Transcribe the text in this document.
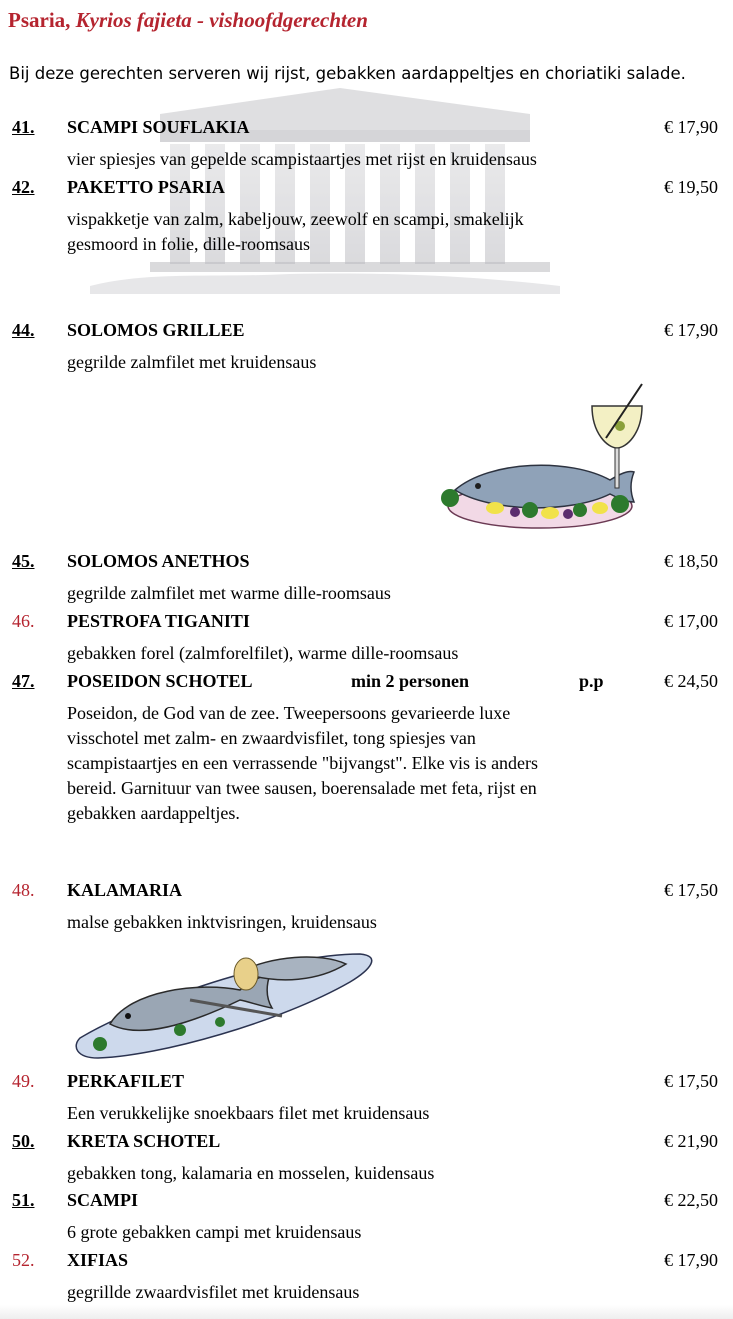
Psaria, Kyrios fajieta - vishoofdgerechten
Bij deze gerechten serveren wij rijst, gebakken aardappeltjes en choriatiki salade.
41. SCAMPI SOUFLAKIA	€ 17,90
vier spiesjes van gepelde scampistaartjes met rijst en kruidensaus
42. PAKETTO PSARIA	€ 19,50
vispakketje van zalm, kabeljouw, zeewolf en scampi, smakelijk
gesmoord in folie, dille-roomsaus
44. SOLOMOS GRILLEE	€ 17,90
gegrilde zalmfilet met kruidensaus
45. SOLOMOS ANETHOS	€ 18,50
gegrilde zalmfilet met warme dille-roomsaus
46. PESTROFA TIGANITI	€ 17,00
gebakken forel (zalmforelfilet), warme dille-roomsaus
47. POSEIDON SCHOTEL	min 2 personen	p.p	€ 24,50
Poseidon, de God van de zee. Tweepersoons gevarieerde luxe
visschotel met zalm- en zwaardvisfilet, tong spiesjes van
scampistaartjes en een verrassende "bijvangst". Elke vis is anders
bereid. Garnituur van twee sausen, boerensalade met feta, rijst en
gebakken aardappeltjes.
48. KALAMARIA	€ 17,50
malse gebakken inktvisringen, kruidensaus
49. PERKAFILET	€ 17,50
Een verukkelijke snoekbaars filet met kruidensaus
50. KRETA SCHOTEL	€ 21,90
gebakken tong, kalamaria en mosselen, kuidensaus
51. SCAMPI	€ 22,50
6 grote gebakken campi met kruidensaus
52. XIFIAS	€ 17,90
gegrillde zwaardvisfilet met kruidensaus
